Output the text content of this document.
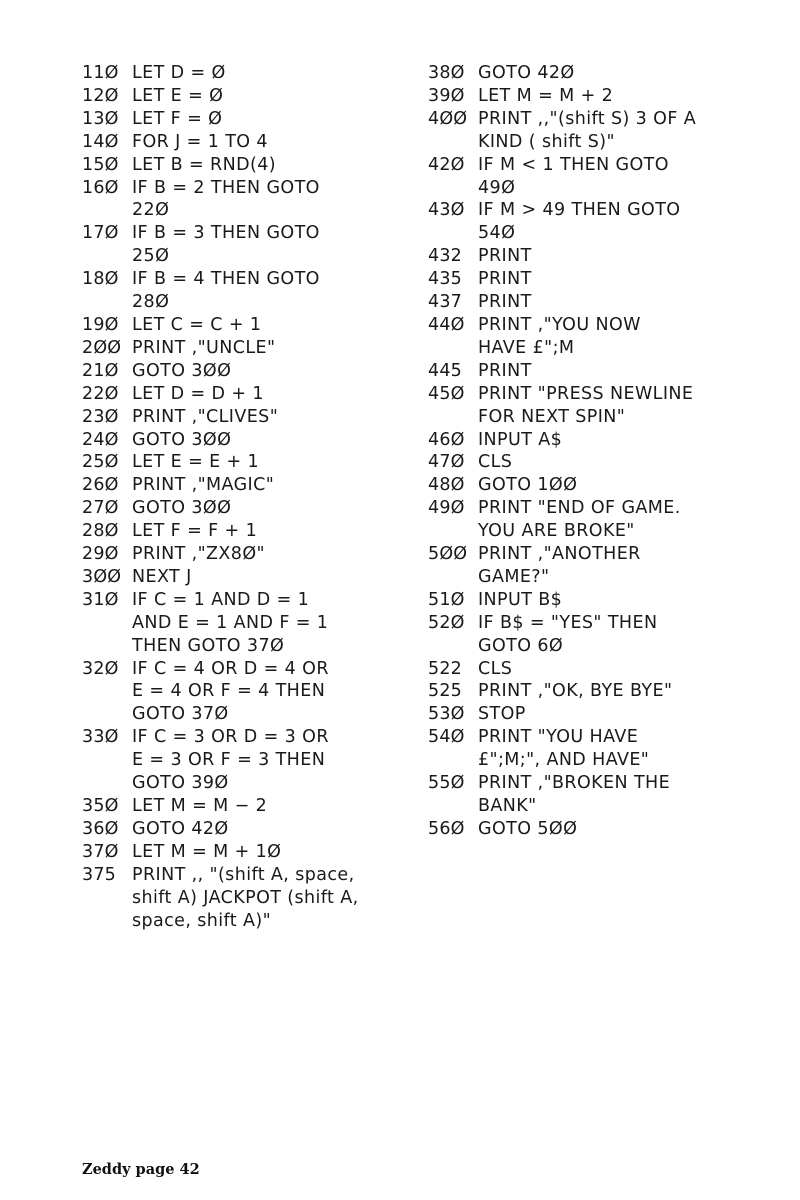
11Ø LET D = Ø
12Ø LET E = Ø
13Ø LET F = Ø
14Ø FOR J = 1 TO 4
15Ø LET B = RND(4)
16Ø IF B = 2 THEN GOTO
22Ø
17Ø IF B = 3 THEN GOTO
25Ø
18Ø IF B = 4 THEN GOTO
28Ø
19Ø LET C = C + 1
2ØØ PRINT ,"UNCLE"
21Ø GOTO 3ØØ
22Ø LET D = D + 1
23Ø PRINT ,"CLIVES"
24Ø GOTO 3ØØ
25Ø LET E = E + 1
26Ø PRINT ,"MAGIC"
27Ø GOTO 3ØØ
28Ø LET F = F + 1
29Ø PRINT ,"ZX8Ø"
3ØØ NEXT J
31Ø IF C = 1 AND D = 1
AND E = 1 AND F = 1
THEN GOTO 37Ø
32Ø IF C = 4 OR D = 4 OR
E = 4 OR F = 4 THEN
GOTO 37Ø
33Ø IF C = 3 OR D = 3 OR
E = 3 OR F = 3 THEN
GOTO 39Ø
35Ø LET M = M − 2
36Ø GOTO 42Ø
37Ø LET M = M + 1Ø
375 PRINT ,, "(shift A, space,
shift A) JACKPOT (shift A,
space, shift A)"
38Ø GOTO 42Ø
39Ø LET M = M + 2
4ØØ PRINT ,,"(shift S) 3 OF A
KIND ( shift S)"
42Ø IF M < 1 THEN GOTO
49Ø
43Ø IF M > 49 THEN GOTO
54Ø
432 PRINT
435 PRINT
437 PRINT
44Ø PRINT ,"YOU NOW
HAVE £";M
445 PRINT
45Ø PRINT "PRESS NEWLINE
FOR NEXT SPIN"
46Ø INPUT A$
47Ø CLS
48Ø GOTO 1ØØ
49Ø PRINT "END OF GAME.
YOU ARE BROKE"
5ØØ PRINT ,"ANOTHER
GAME?"
51Ø INPUT B$
52Ø IF B$ = "YES" THEN
GOTO 6Ø
522 CLS
525 PRINT ,"OK, BYE BYE"
53Ø STOP
54Ø PRINT "YOU HAVE
£";M;", AND HAVE"
55Ø PRINT ,"BROKEN THE
BANK"
56Ø GOTO 5ØØ
Zeddy page 42
